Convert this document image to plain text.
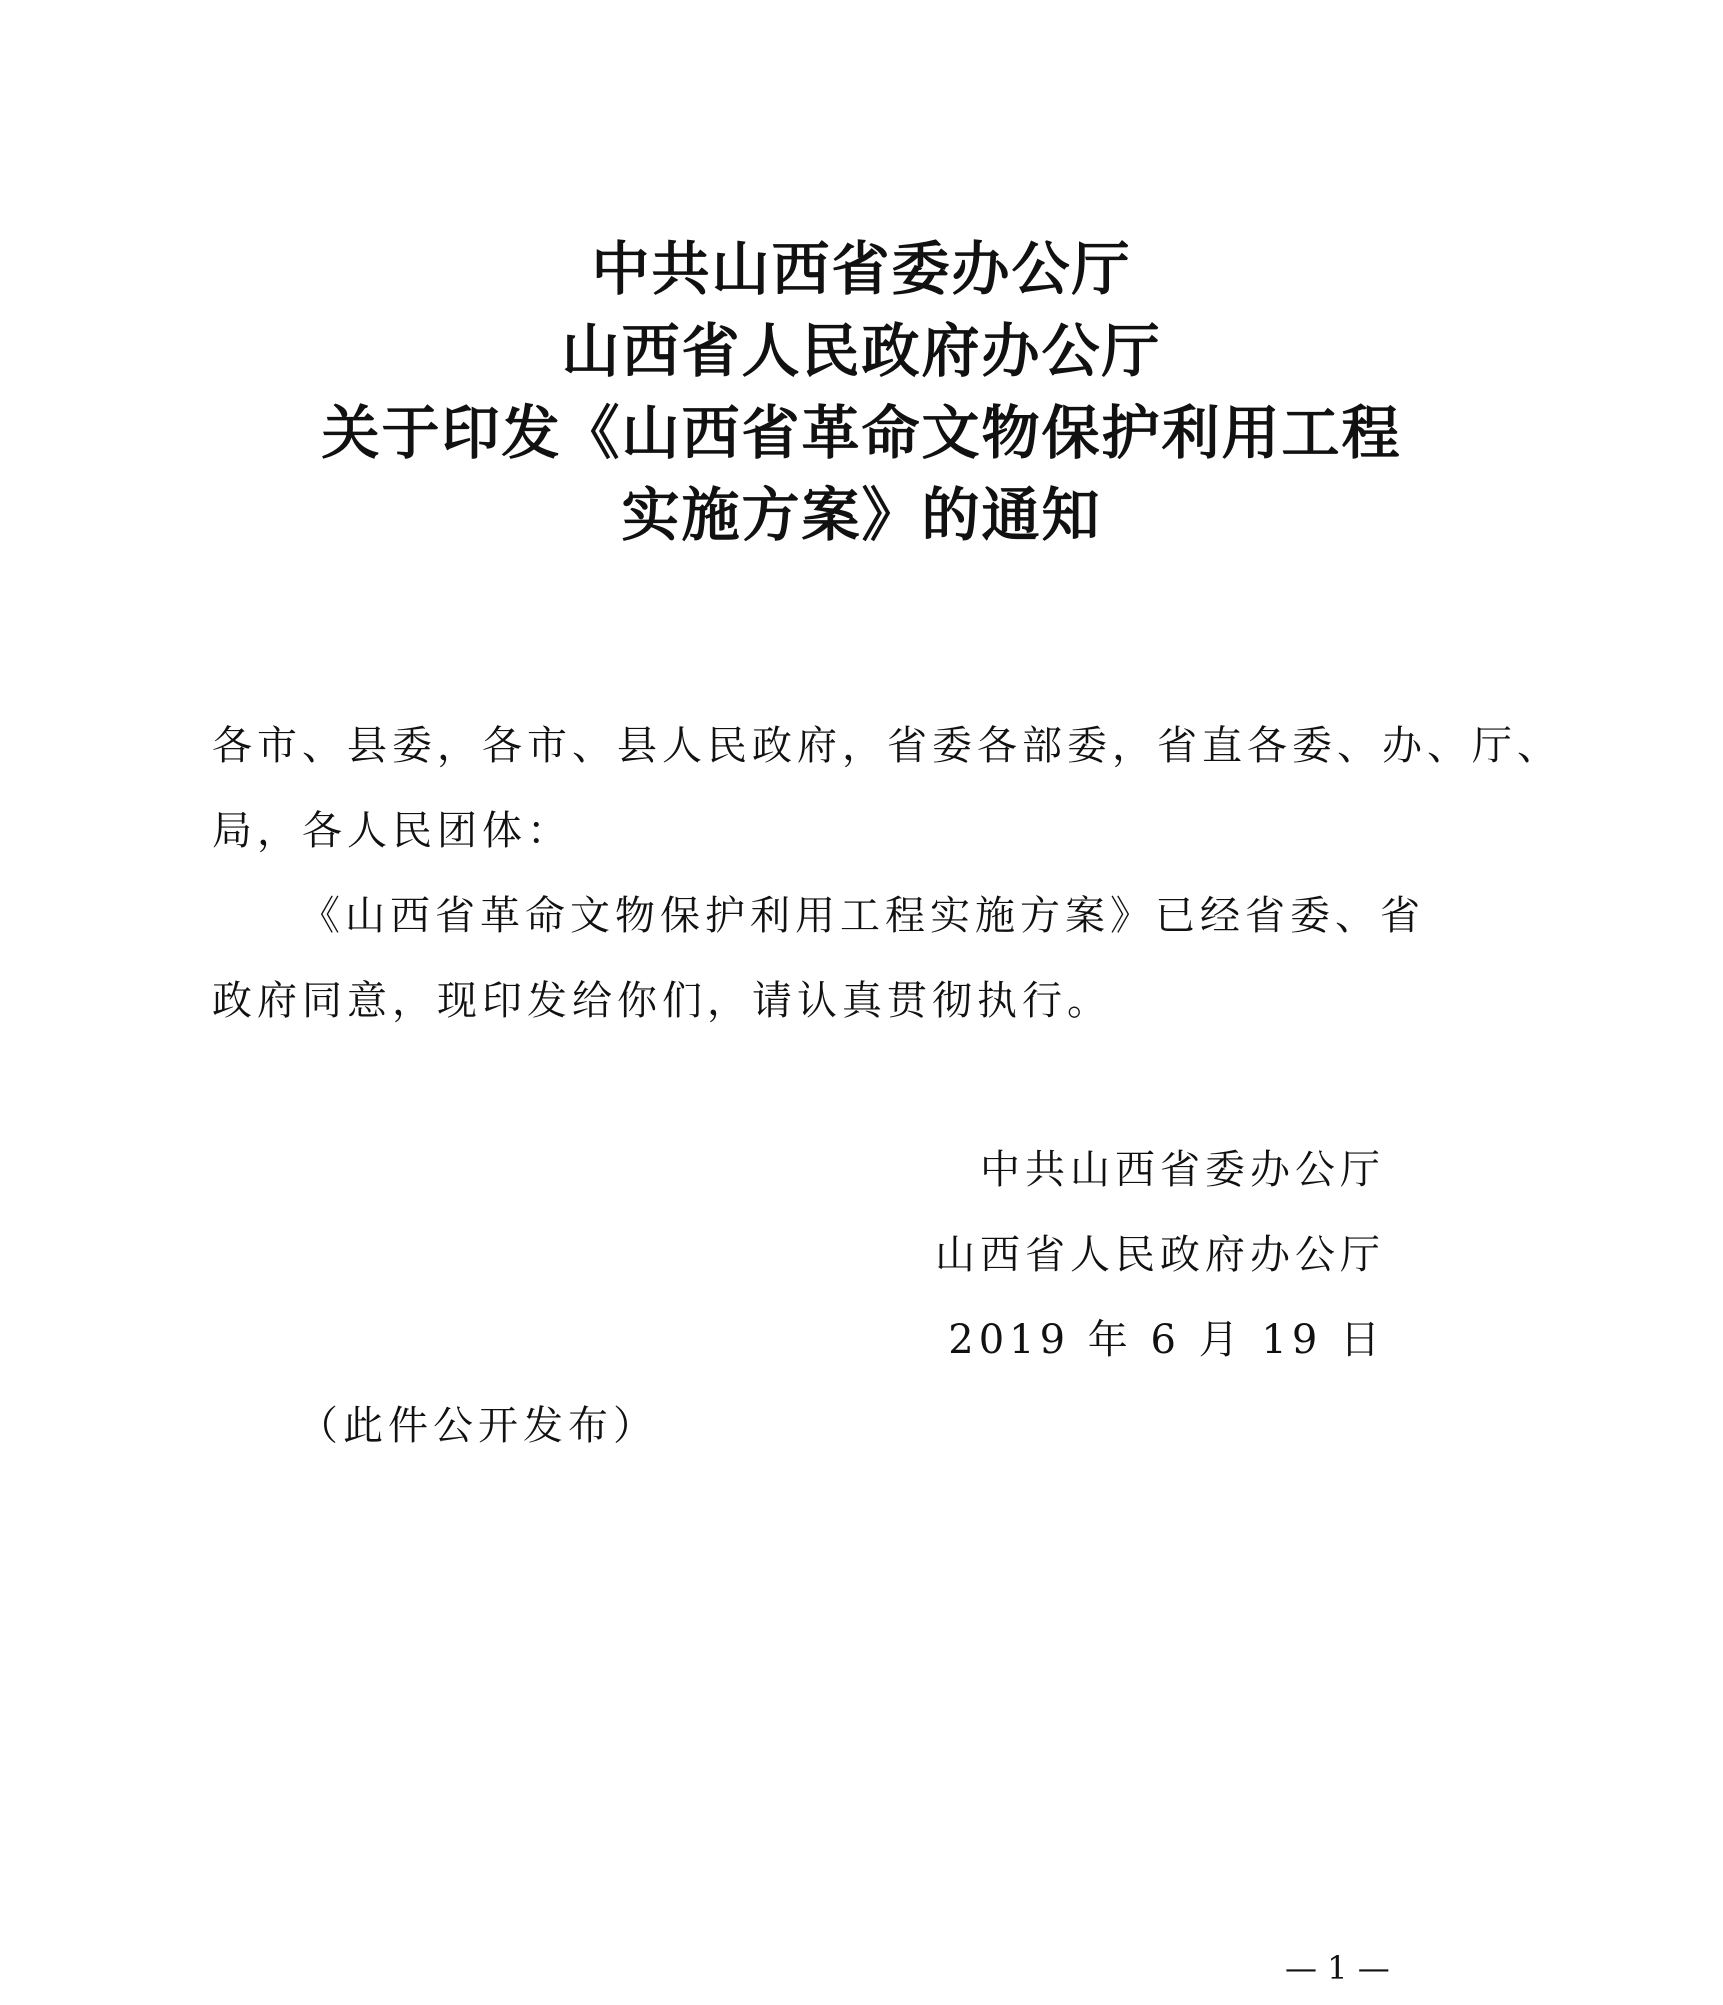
中共山西省委办公厅
山西省人民政府办公厅
关于印发《山西省革命文物保护利用工程
实施方案》的通知
各市、县委，各市、县人民政府，省委各部委，省直各委、办、厅、
局，各人民团体：
《山西省革命文物保护利用工程实施方案》已经省委、省
政府同意，现印发给你们，请认真贯彻执行。
中共山西省委办公厅
山西省人民政府办公厅
2019 年 6 月 19 日
（此件公开发布）
— 1 —
